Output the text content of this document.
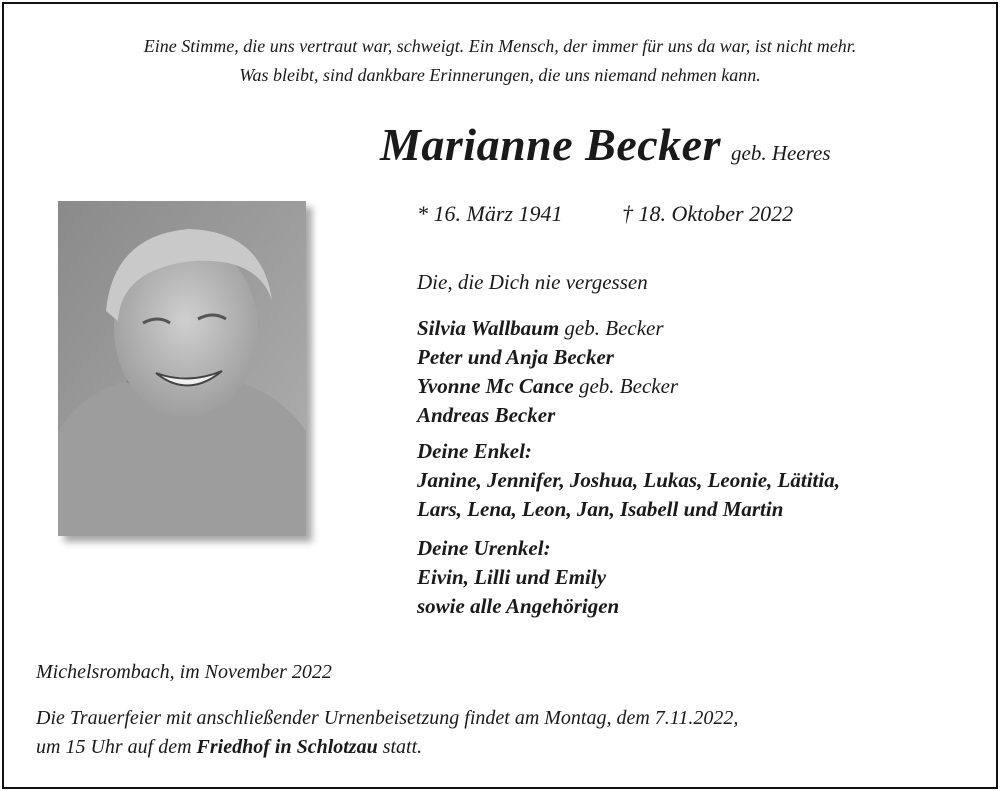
Eine Stimme, die uns vertraut war, schweigt. Ein Mensch, der immer für uns da war, ist nicht mehr.
Was bleibt, sind dankbare Erinnerungen, die uns niemand nehmen kann.
Marianne Becker geb. Heeres
* 16. März 1941	† 18. Oktober 2022
Die, die Dich nie vergessen
Silvia Wallbaum geb. Becker
Peter und Anja Becker
Yvonne Mc Cance geb. Becker
Andreas Becker
Deine Enkel:
Janine, Jennifer, Joshua, Lukas, Leonie, Lätitia,
Lars, Lena, Leon, Jan, Isabell und Martin
Deine Urenkel:
Eivin, Lilli und Emily
sowie alle Angehörigen
Michelsrombach, im November 2022
Die Trauerfeier mit anschließender Urnenbeisetzung findet am Montag, dem 7.11.2022,
um 15 Uhr auf dem Friedhof in Schlotzau statt.
